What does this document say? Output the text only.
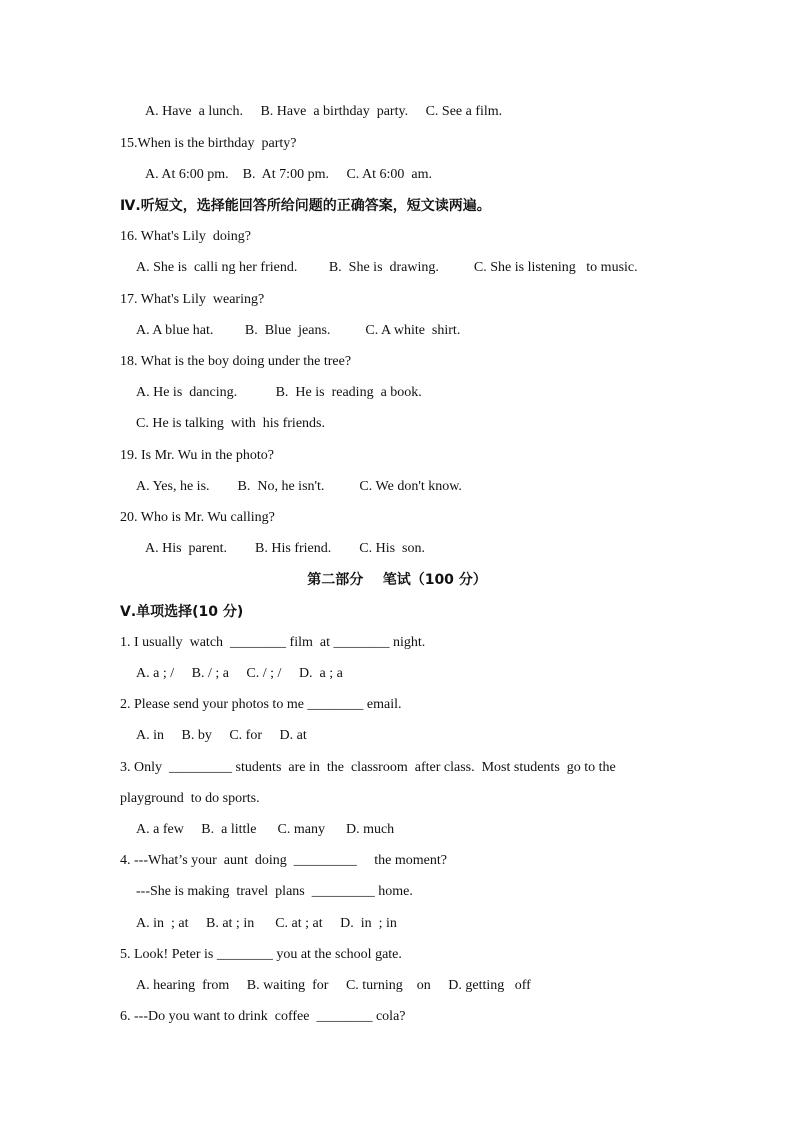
A. Have  a lunch.     B. Have  a birthday  party.     C. See a film.
15.When is the birthday  party?
A. At 6:00 pm.    B.  At 7:00 pm.     C. At 6:00  am.
Ⅳ.听短文，选择能回答所给问题的正确答案，短文读两遍。
16. What's Lily  doing?
A. She is  calli ng her friend.         B.  She is  drawing.          C. She is listening   to music.
17. What's Lily  wearing?
A. A blue hat.         B.  Blue  jeans.          C. A white  shirt.
18. What is the boy doing under the tree?
A. He is  dancing.           B.  He is  reading  a book.
C. He is talking  with  his friends.
19. Is Mr. Wu in the photo?
A. Yes, he is.        B.  No, he isn't.          C. We don't know.
20. Who is Mr. Wu calling?
A. His  parent.        B. His friend.        C. His  son.
第二部分    笔试（100 分）
Ⅴ.单项选择(10 分)
1. I usually  watch  ________ film  at ________ night.
A. a ; /     B. / ; a     C. / ; /     D.  a ; a
2. Please send your photos to me ________ email.
A. in     B. by     C. for     D. at
3. Only  _________ students  are in  the  classroom  after class.  Most students  go to the
playground  to do sports.
A. a few     B.  a little      C. many      D. much
4. ---What’s your  aunt  doing  _________     the moment?
---She is making  travel  plans  _________ home.
A. in  ; at     B. at ; in      C. at ; at     D.  in  ; in
5. Look! Peter is ________ you at the school gate.
A. hearing  from     B. waiting  for     C. turning    on     D. getting   off
6. ---Do you want to drink  coffee  ________ cola?
